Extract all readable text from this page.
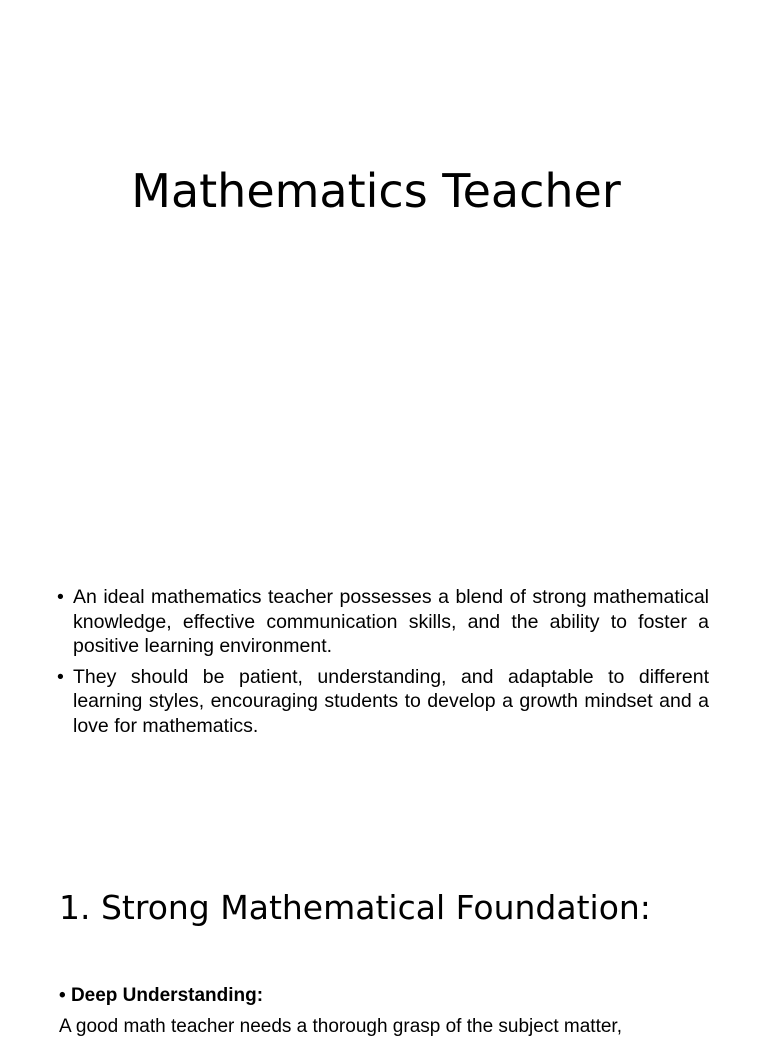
Mathematics Teacher
• An ideal mathematics teacher possesses a blend of strong mathematical knowledge, effective communication skills, and the ability to foster a positive learning environment.
• They should be patient, understanding, and adaptable to different learning styles, encouraging students to develop a growth mindset and a love for mathematics.
1. Strong Mathematical Foundation:
• Deep Understanding:
A good math teacher needs a thorough grasp of the subject matter,
